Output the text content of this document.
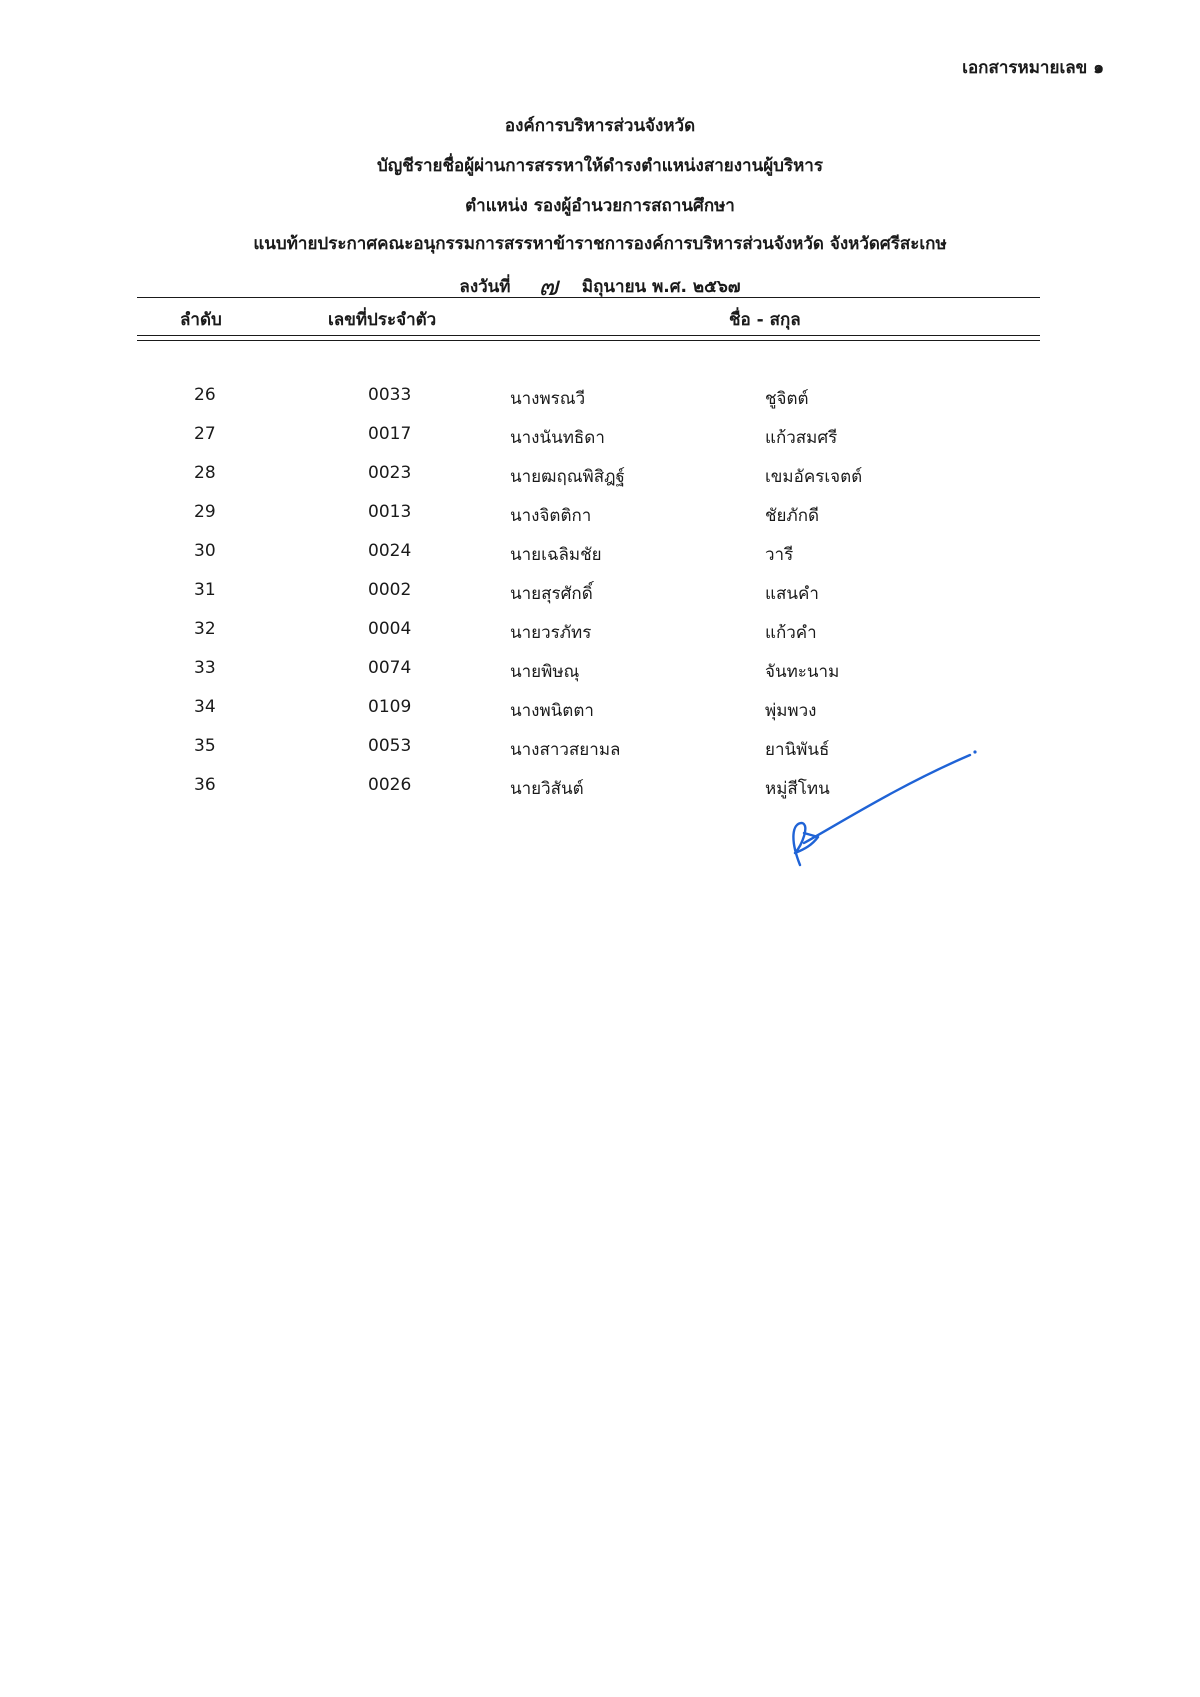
เอกสารหมายเลข ๑
องค์การบริหารส่วนจังหวัด
บัญชีรายชื่อผู้ผ่านการสรรหาให้ดำรงตำแหน่งสายงานผู้บริหาร
ตำแหน่ง รองผู้อำนวยการสถานศึกษา
แนบท้ายประกาศคณะอนุกรรมการสรรหาข้าราชการองค์การบริหารส่วนจังหวัด จังหวัดศรีสะเกษ
ลงวันที่ ๗ มิถุนายน พ.ศ. ๒๕๖๗
ลำดับ	เลขที่ประจำตัว	ชื่อ - สกุล
26	0033	นางพรณวี	ชูจิตต์
27	0017	นางนันทธิดา	แก้วสมศรี
28	0023	นายฒฤณพิสิฎฐ์	เขมอัครเจตต์
29	0013	นางจิตติกา	ชัยภักดี
30	0024	นายเฉลิมชัย	วารี
31	0002	นายสุรศักดิ์	แสนคำ
32	0004	นายวรภัทร	แก้วคำ
33	0074	นายพิษณุ	จันทะนาม
34	0109	นางพนิตตา	พุ่มพวง
35	0053	นางสาวสยามล	ยานิพันธ์
36	0026	นายวิสันต์	หมู่สีโทน
